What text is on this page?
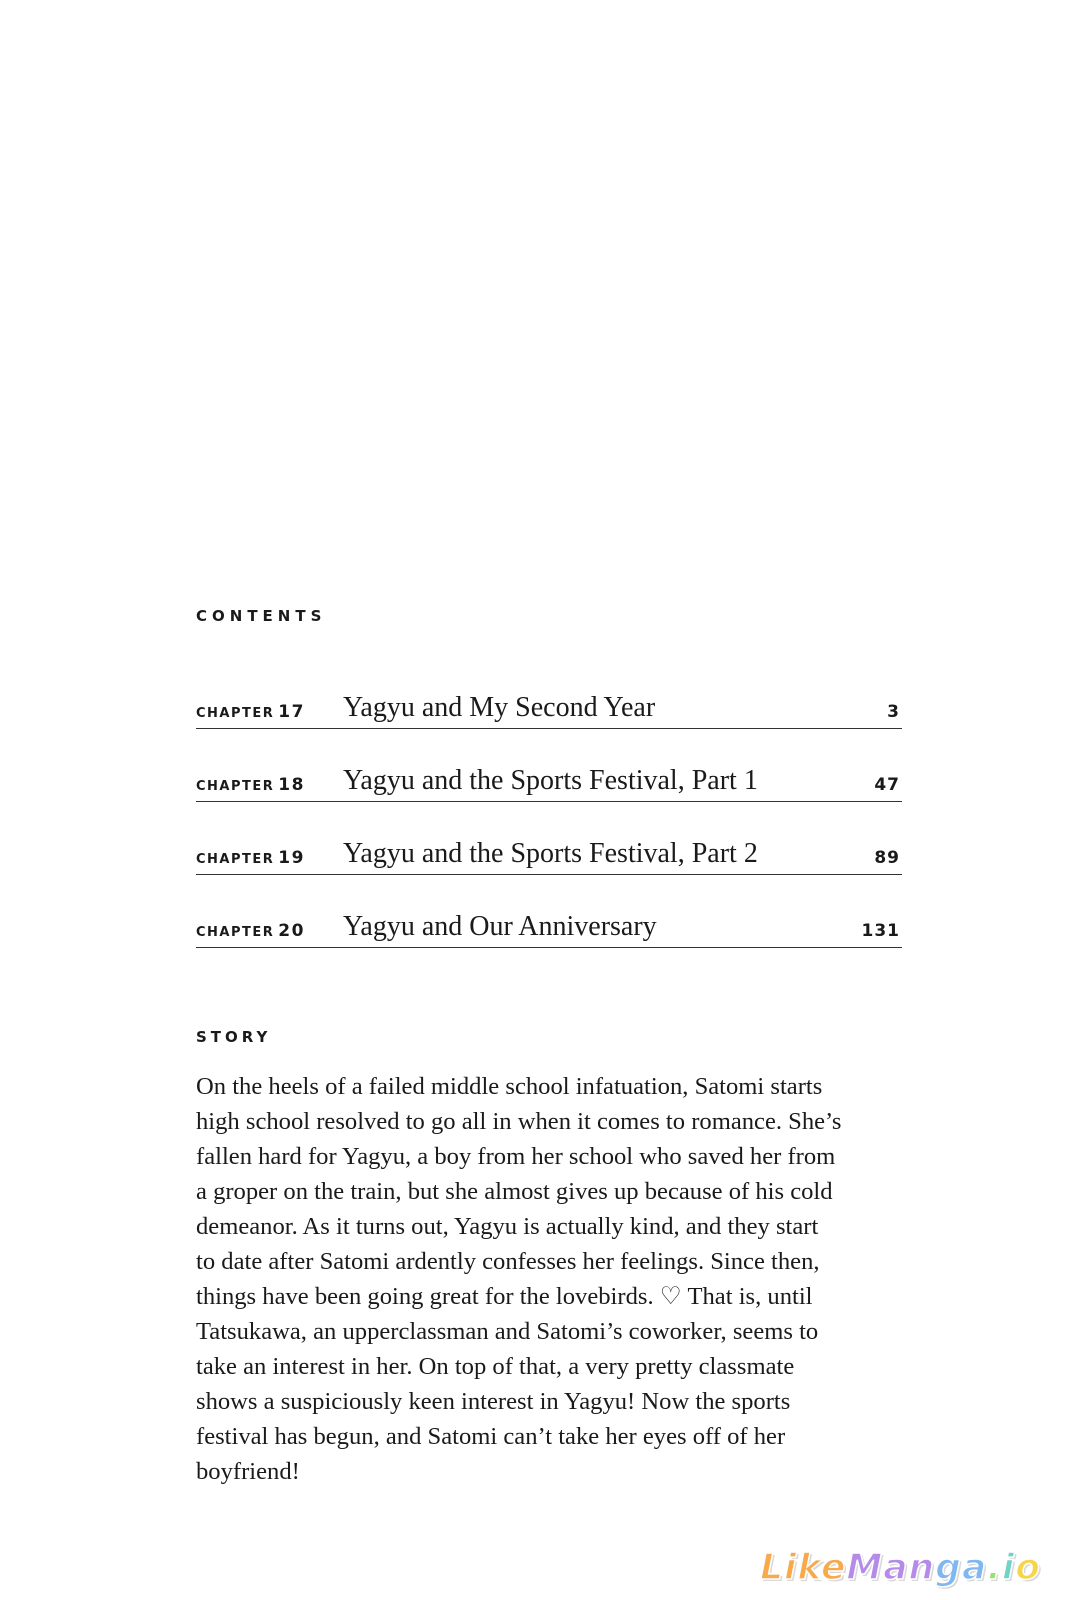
CONTENTS
CHAPTER 17 Yagyu and My Second Year	3
CHAPTER 18 Yagyu and the Sports Festival, Part 1	47
CHAPTER 19 Yagyu and the Sports Festival, Part 2	89
CHAPTER 20 Yagyu and Our Anniversary	131
STORY
On the heels of a failed middle school infatuation, Satomi starts
high school resolved to go all in when it comes to romance. She’s
fallen hard for Yagyu, a boy from her school who saved her from
a groper on the train, but she almost gives up because of his cold
demeanor. As it turns out, Yagyu is actually kind, and they start
to date after Satomi ardently confesses her feelings. Since then,
things have been going great for the lovebirds. ♡ That is, until
Tatsukawa, an upperclassman and Satomi’s coworker, seems to
take an interest in her. On top of that, a very pretty classmate
shows a suspiciously keen interest in Yagyu! Now the sports
festival has begun, and Satomi can’t take her eyes off of her
boyfriend!
LikeManga.io
